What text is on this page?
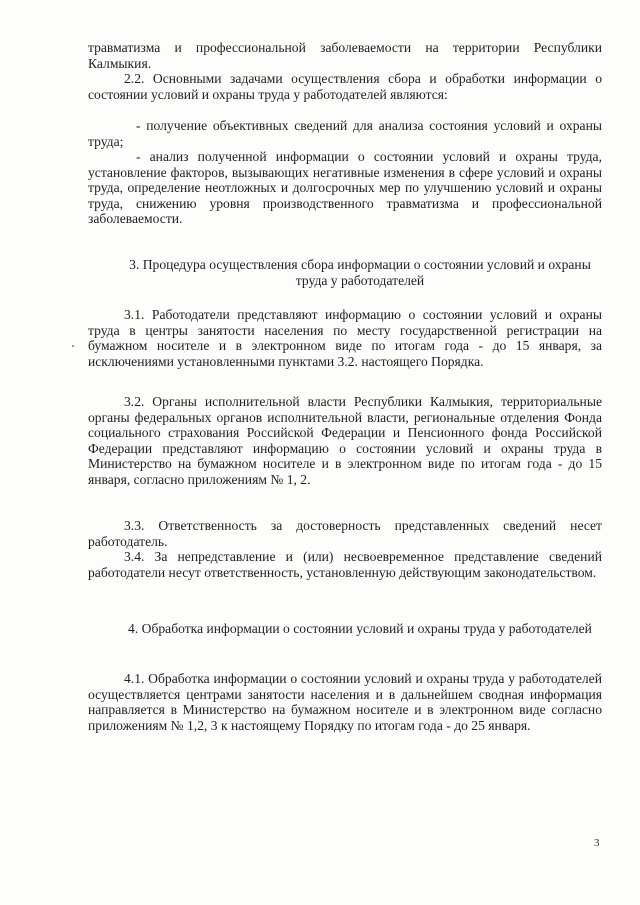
травматизма и профессиональной заболеваемости на территории Республики Калмыкия.

2.2. Основными задачами осуществления сбора и обработки информации о состоянии условий и охраны труда у работодателей являются:

- получение объективных сведений для анализа состояния условий и охраны труда;

- анализ полученной информации о состоянии условий и охраны труда, установление факторов, вызывающих негативные изменения в сфере условий и охраны труда, определение неотложных и долгосрочных мер по улучшению условий и охраны труда, снижению уровня производственного травматизма и профессиональной заболеваемости.

3. Процедура осуществления сбора информации о состоянии условий и охраны труда у работодателей

3.1. Работодатели представляют информацию о состоянии условий и охраны труда в центры занятости населения по месту государственной регистрации на бумажном носителе и в электронном виде по итогам года - до 15 января, за исключениями установленными пунктами 3.2. настоящего Порядка.

3.2. Органы исполнительной власти Республики Калмыкия, территориальные органы федеральных органов исполнительной власти, региональные отделения Фонда социального страхования Российской Федерации и Пенсионного фонда Российской Федерации представляют информацию о состоянии условий и охраны труда в Министерство на бумажном носителе и в электронном виде по итогам года - до 15 января, согласно приложениям № 1, 2.

3.3. Ответственность за достоверность представленных сведений несет работодатель.

3.4. За непредставление и (или) несвоевременное представление сведений работодатели несут ответственность, установленную действующим законодательством.

4. Обработка информации о состоянии условий и охраны труда у работодателей

4.1. Обработка информации о состоянии условий и охраны труда у работодателей осуществляется центрами занятости населения и в дальнейшем сводная информация направляется в Министерство на бумажном носителе и в электронном виде согласно приложениям № 1,2, 3 к настоящему Порядку по итогам года - до 25 января.

3
